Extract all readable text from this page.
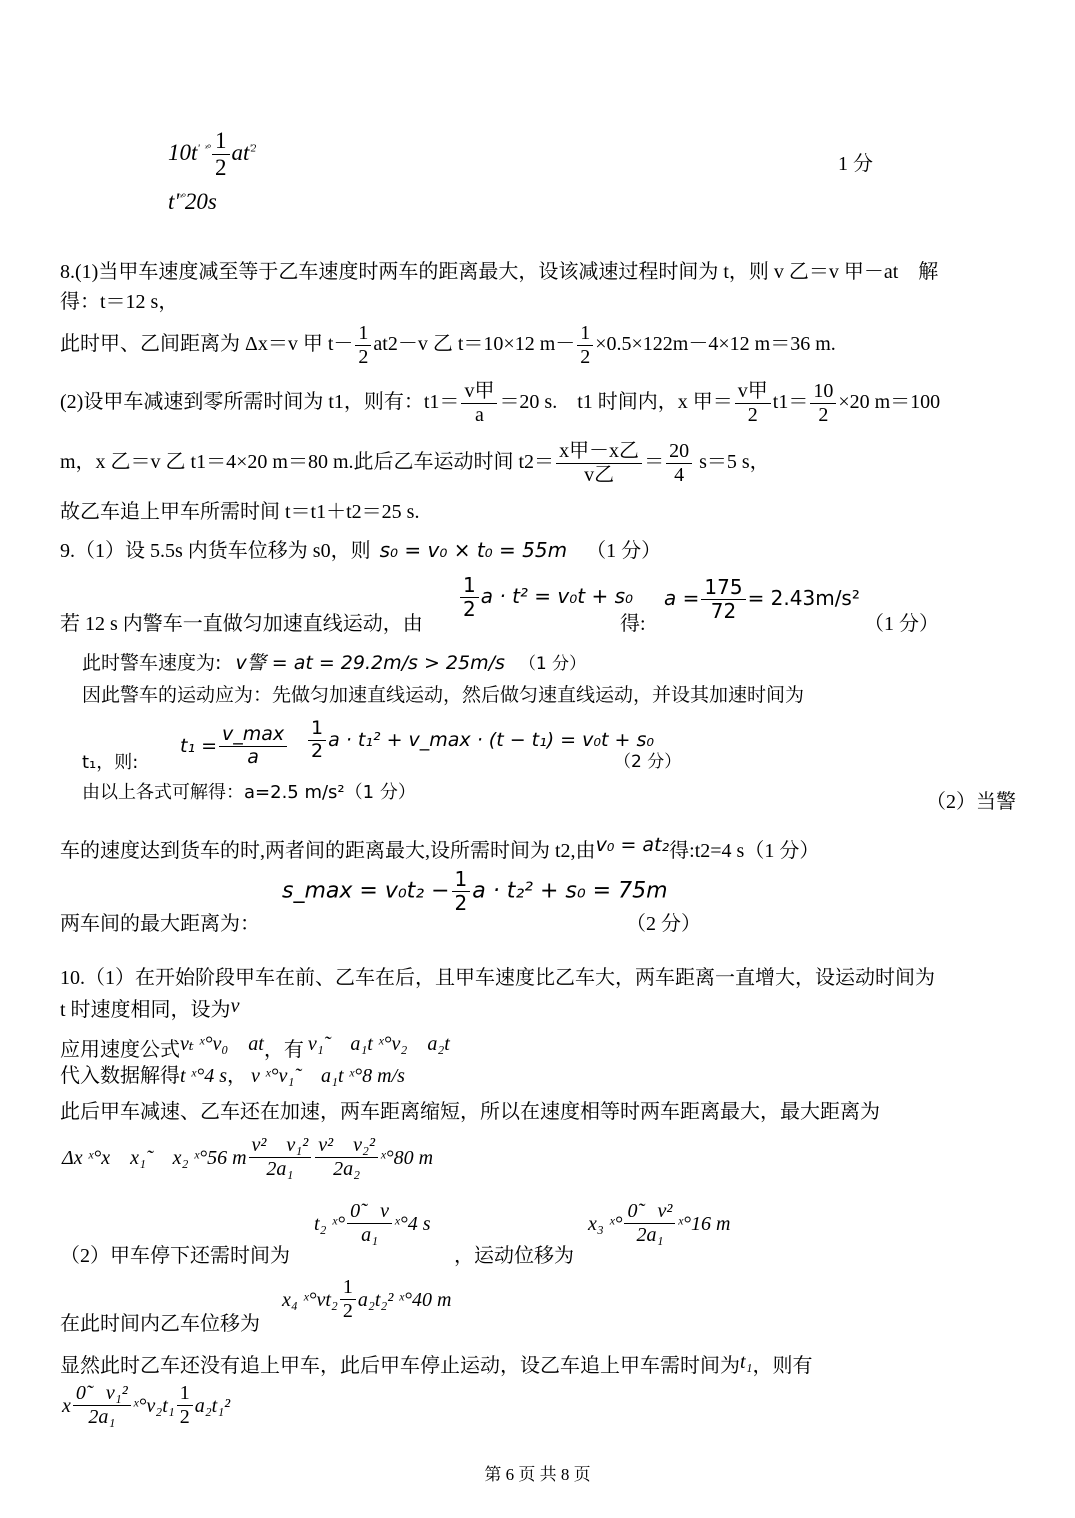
10t' $^{ˣ^\circ} \frac{1}{2} at^{'2}$
1 分
$t'^{ˣ^\circ}20s$
8.(1)当甲车速度减至等于乙车速度时两车的距离最大，设该减速过程时间为 t，则 v 乙＝v 甲－at　解
得：t＝12 s，
此时甲、乙间距离为 Δx＝v 甲 $t- \frac{1}{2} at2-v$ 乙 t＝10×12 $m- \frac{1}{2} \times 0.5\times 122m-4\times 12$ m＝36 m.
(2)设甲车减速到零所需时间为 t1，则有：$t1= \frac{\text{v甲}}{a} =20$ s.　t1 时间内，x 甲＝ $\frac{\text{v甲}}{2} t1= \frac{10}{2} \times 20$ m＝100
m，x 乙＝v 乙 t1＝4×20 m＝80 m.此后乙车运动时间 $t2= \frac{\text{x甲－x乙}}{\text{v乙}} = \frac{20}{4} s=5$ s，
故乙车追上甲车所需时间 t＝t1＋t2＝25 s.
9.（1）设 5.5s 内货车位移为 s0，则 s₀ = v₀ × t₀ = 55m （1 分）
若 12 s 内警车一直做匀加速直线运动，由
$\frac{1}{2}$ a · t² = v₀t + s₀
得:
$a = \frac{175}{72} = 2.43m/s^2$
（1 分）
此时警车速度为: v警 = at = 29.2m/s > 25m/s （1 分）
因此警车的运动应为：先做匀加速直线运动，然后做匀速直线运动，并设其加速时间为
t₁，则:
$t_1 = \frac{v\_\max}{a} \frac{1}{2}$ a · t₁² + v_max · (t − t₁) = v₀t + s₀
（2 分）
由以上各式可解得：a=2.5 m/s²（1 分）	（2）当警
车的速度达到货车的时,两者间的距离最大,设所需时间为 t2,由v₀ = at₂得:t2=4 s（1 分）
s_max = $v_0t_2 - \frac{1}{2}$ a · t₂² + s₀ = 75m
两车间的最大距离为：	（2 分）
10.（1）在开始阶段甲车在前、乙车在后，且甲车速度比乙车大，两车距离一直增大，设运动时间为
t 时速度相同，设为v
应用速度公式vₜ ˣ°v₀　at，有 v₁˜　a₁t ˣ°v₂　a₂t
代入数据解得t ˣ°4 s， v ˣ°v₁˜　a₁t ˣ°8 m/s
此后甲车减速、乙车还在加速，两车距离缩短，所以在速度相等时两车距离最大，最大距离为
Δx ˣ°x　x₁˜　x₂ ˣ°56 m $\frac{\text{v²　v₁²}}{\text{2a₁}} \frac{\text{v²　v₂²}}{\text{2a₂}}$ ˣ°80 m
t₂ ˣ° $\frac{0̃ v}{\text{a₁}}$ ˣ°4 s	x₃ ˣ° $\frac{\text{0̃　v²}}{\text{2a₁}}$ ˣ°16 m
（2）甲车停下还需时间为	，运动位移为
x₄ ˣ°vt₂ $\frac{1}{2} a_2t_2^2$ ˣ°40 m
在此时间内乙车位移为
显然此时乙车还没有追上甲车，此后甲车停止运动，设乙车追上甲车需时间为t₁，则有
x $\frac{\text{0̃　v₁²}}{\text{2a₁}}$ ˣ°v₂t₁ $\frac{1}{2} a_2t_1^2$
第 6 页 共 8 页
